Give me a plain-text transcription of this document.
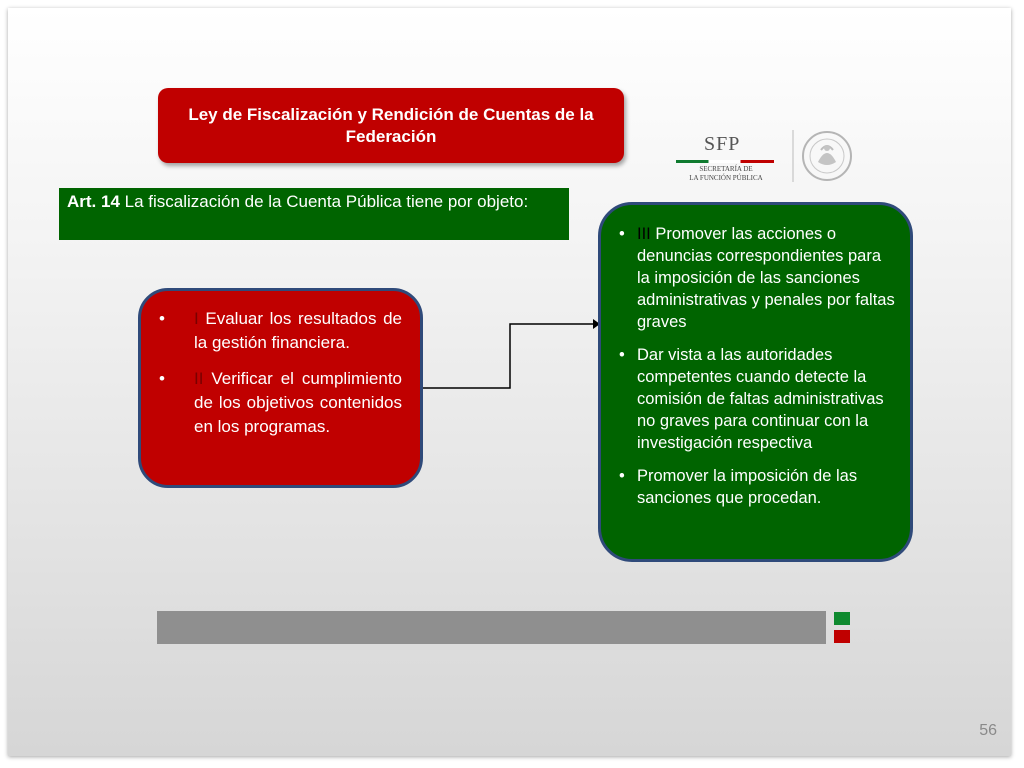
Ley de Fiscalización y Rendición de Cuentas de la Federación	SFP
SECRETARÍA DE
LA FUNCIÓN PÚBLICA
Art. 14 La fiscalización de la Cuenta Pública tiene por objeto:
•	I Evaluar los resultados de la gestión financiera.
•	II Verificar el cumplimiento de los objetivos contenidos en los programas.
• III Promover las acciones o denuncias correspondientes para la imposición de las sanciones administrativas y penales por faltas graves
• Dar vista a las autoridades competentes cuando detecte la comisión de faltas administrativas no graves para continuar con la investigación respectiva
• Promover la imposición de las sanciones que procedan.
56
